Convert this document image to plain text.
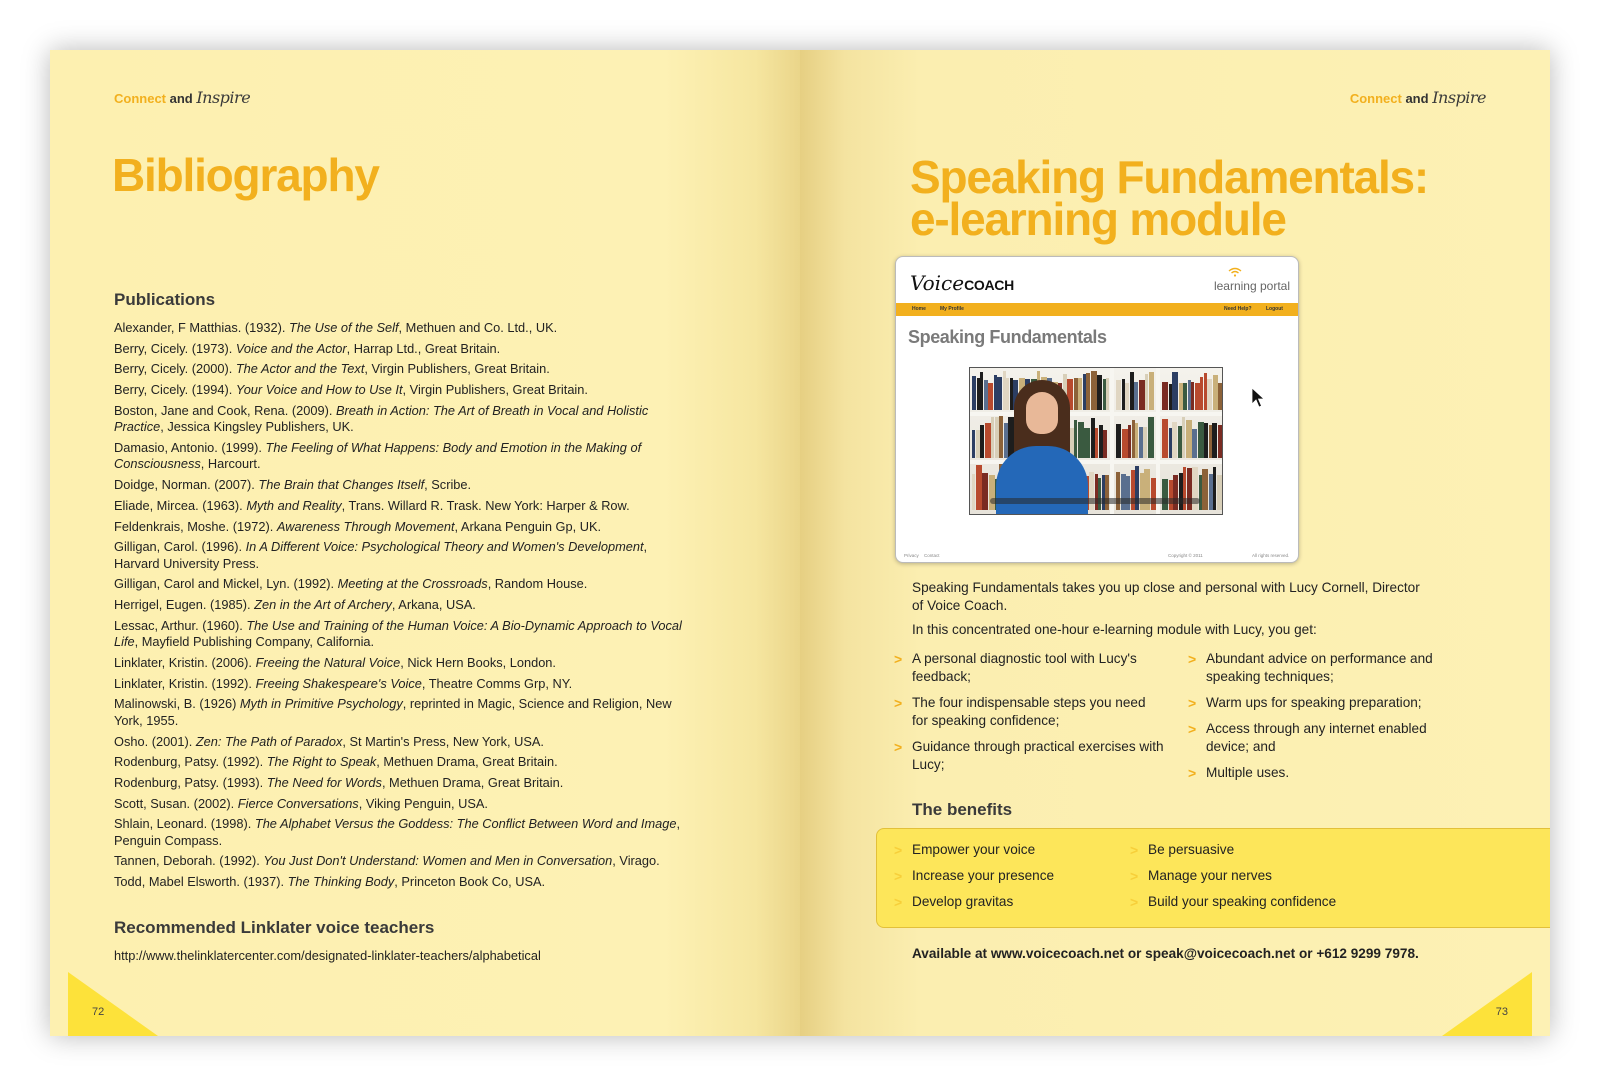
Connect and Inspire
Bibliography
Publications
Alexander, F Matthias. (1932). The Use of the Self, Methuen and Co. Ltd., UK.
Berry, Cicely. (1973). Voice and the Actor, Harrap Ltd., Great Britain.
Berry, Cicely. (2000). The Actor and the Text, Virgin Publishers, Great Britain.
Berry, Cicely. (1994). Your Voice and How to Use It, Virgin Publishers, Great Britain.
Boston, Jane and Cook, Rena. (2009). Breath in Action: The Art of Breath in Vocal and Holistic Practice, Jessica Kingsley Publishers, UK.
Damasio, Antonio. (1999). The Feeling of What Happens: Body and Emotion in the Making of Consciousness, Harcourt.
Doidge, Norman. (2007). The Brain that Changes Itself, Scribe.
Eliade, Mircea. (1963). Myth and Reality, Trans. Willard R. Trask. New York: Harper & Row.
Feldenkrais, Moshe. (1972). Awareness Through Movement, Arkana Penguin Gp, UK.
Gilligan, Carol. (1996). In A Different Voice: Psychological Theory and Women's Development, Harvard University Press.
Gilligan, Carol and Mickel, Lyn. (1992). Meeting at the Crossroads, Random House.
Herrigel, Eugen. (1985). Zen in the Art of Archery, Arkana, USA.
Lessac, Arthur. (1960). The Use and Training of the Human Voice: A Bio-Dynamic Approach to Vocal Life, Mayfield Publishing Company, California.
Linklater, Kristin. (2006). Freeing the Natural Voice, Nick Hern Books, London.
Linklater, Kristin. (1992). Freeing Shakespeare's Voice, Theatre Comms Grp, NY.
Malinowski, B. (1926) Myth in Primitive Psychology, reprinted in Magic, Science and Religion, New York, 1955.
Osho. (2001). Zen: The Path of Paradox, St Martin's Press, New York, USA.
Rodenburg, Patsy. (1992). The Right to Speak, Methuen Drama, Great Britain.
Rodenburg, Patsy. (1993). The Need for Words, Methuen Drama, Great Britain.
Scott, Susan. (2002). Fierce Conversations, Viking Penguin, USA.
Shlain, Leonard. (1998). The Alphabet Versus the Goddess: The Conflict Between Word and Image, Penguin Compass.
Tannen, Deborah. (1992). You Just Don't Understand: Women and Men in Conversation, Virago.
Todd, Mabel Elsworth. (1937). The Thinking Body, Princeton Book Co, USA.
Recommended Linklater voice teachers
http://www.thelinklatercenter.com/designated-linklater-teachers/alphabetical
72
Connect and Inspire
Speaking Fundamentals:
e-learning module
VoiceCOACH	learning portal
Home	My Profile	Need Help?	Logout
Speaking Fundamentals
Privacy Contact	Copyright © 2011	All rights reserved.

Speaking Fundamentals takes you up close and personal with Lucy Cornell, Director of Voice Coach.

In this concentrated one-hour e-learning module with Lucy, you get:

> A personal diagnostic tool with Lucy's feedback;
> The four indispensable steps you need for speaking confidence;
> Guidance through practical exercises with Lucy;
> Abundant advice on performance and speaking techniques;
> Warm ups for speaking preparation;
> Access through any internet enabled device; and
> Multiple uses.
The benefits
> Empower your voice
> Increase your presence
> Develop gravitas
> Be persuasive
> Manage your nerves
> Build your speaking confidence
Available at www.voicecoach.net or speak@voicecoach.net or +612 9299 7978.
73
